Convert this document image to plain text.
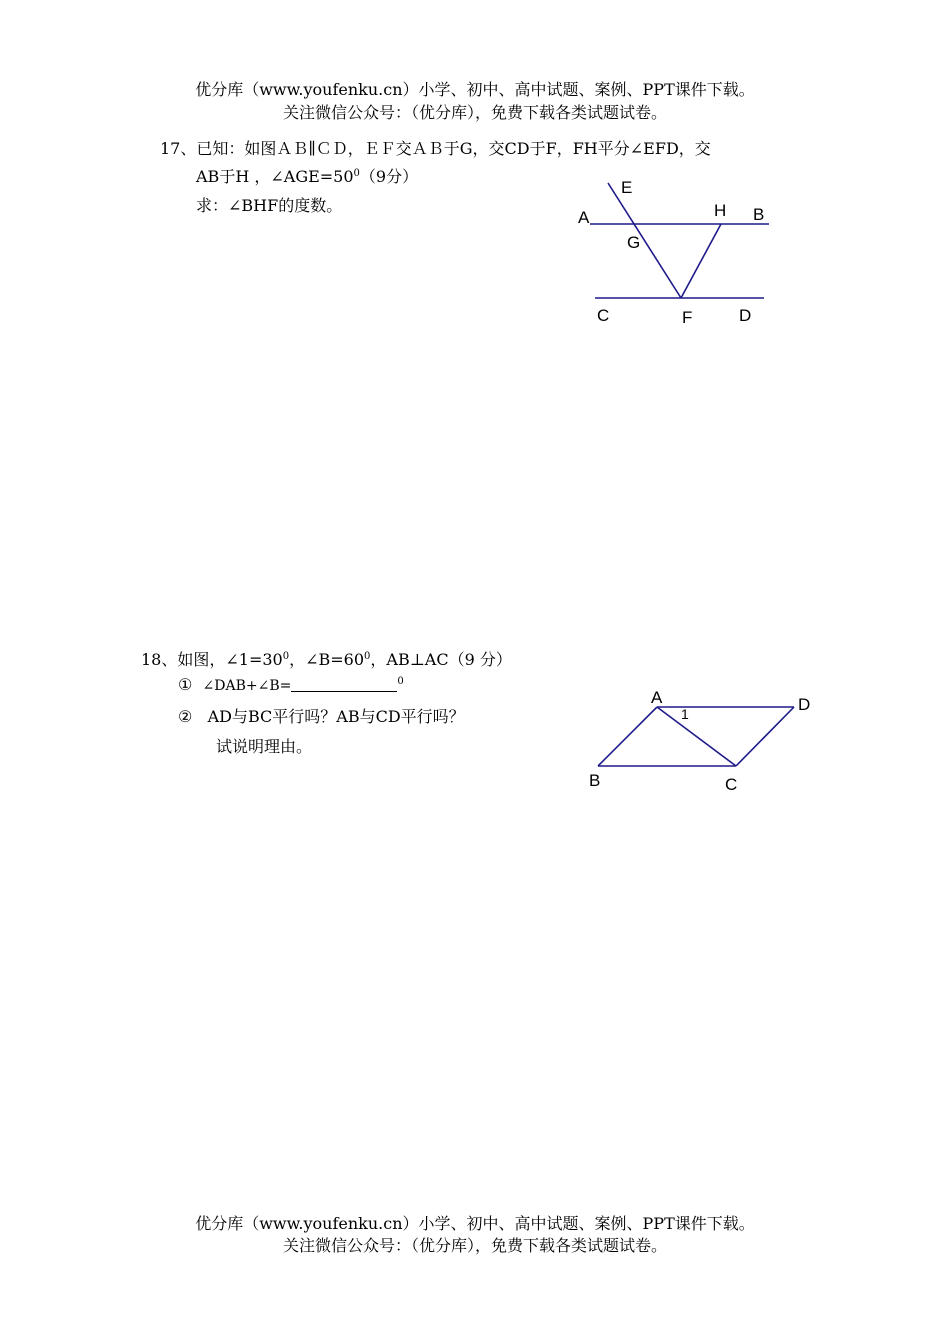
优分库（www.youfenku.cn）小学、初中、高中试题、案例、PPT课件下载。
关注微信公众号：（优分库），免费下载各类试题试卷。
17、已知：如图ＡＢ∥ＣＤ，ＥＦ交ＡＢ于G，交CD于F，FH平分∠EFD，交
AB于H ，$\angle AGE=50^0(9$分）
求：∠BHF的度数。
E
A	H B
G
C	F	D
18、如图，$\angle 1=30^0$，$\angle B=60^0$，AB⊥AC（9 分）
① ∠DAB+∠B=	$^0$
② AD与BC平行吗？AB与CD平行吗？
试说明理由。
A	D
1
B	C
优分库（www.youfenku.cn）小学、初中、高中试题、案例、PPT课件下载。
关注微信公众号：（优分库），免费下载各类试题试卷。
